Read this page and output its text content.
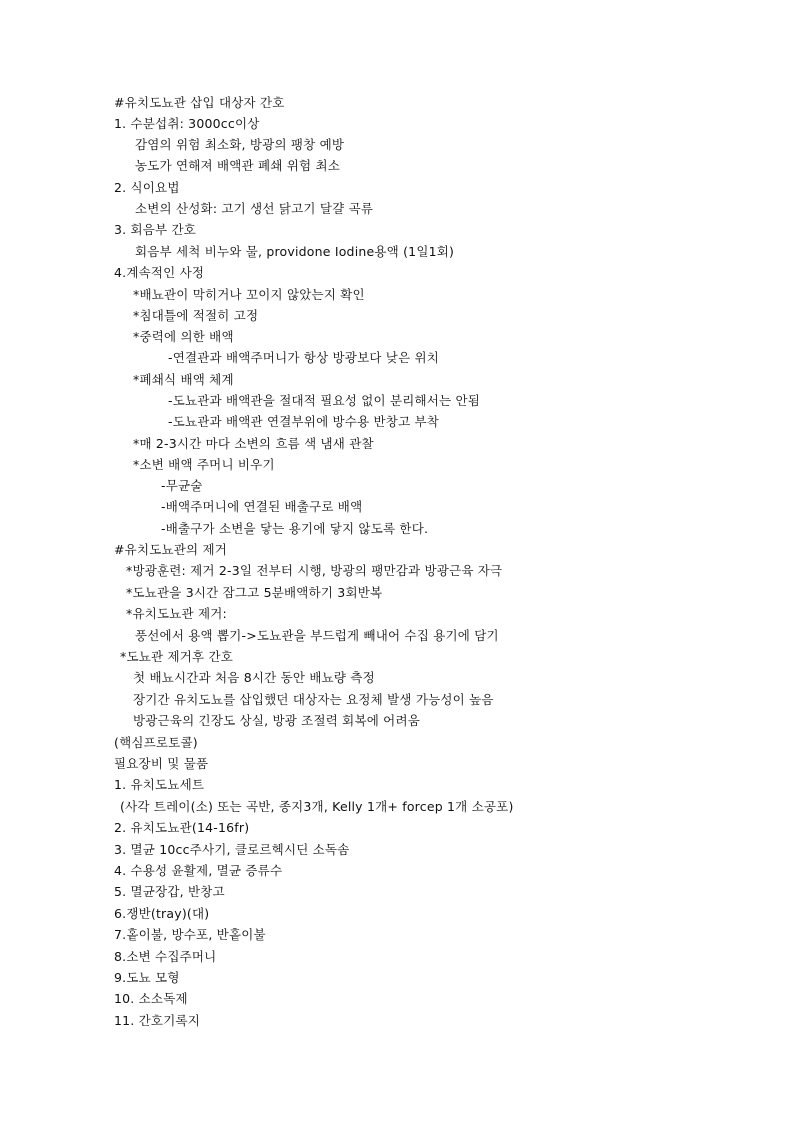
#유치도뇨관 삽입 대상자 간호
1. 수분섭취: 3000cc이상
감염의 위험 최소화, 방광의 팽창 예방
농도가 연해져 배액관 폐쇄 위험 최소
2. 식이요법
소변의 산성화: 고기 생선 닭고기 달걀 곡류
3. 회음부 간호
회음부 세척 비누와 물, providone Iodine용액 (1일1회)
4.계속적인 사정
*배뇨관이 막히거나 꼬이지 않았는지 확인
*침대틀에 적절히 고정
*중력에 의한 배액
-연결관과 배액주머니가 항상 방광보다 낮은 위치
*폐쇄식 배액 체계
-도뇨관과 배액관을 절대적 필요성 없이 분리해서는 안됨
-도뇨관과 배액관 연결부위에 방수용 반창고 부착
*매 2-3시간 마다 소변의 흐름 색 냄새 관찰
*소변 배액 주머니 비우기
-무균술
-배액주머니에 연결된 배출구로 배액
-배출구가 소변을 닿는 용기에 닿지 않도록 한다.
#유치도뇨관의 제거
*방광훈련: 제거 2-3일 전부터 시행, 방광의 팽만감과 방광근육 자극
*도뇨관을 3시간 잠그고 5분배액하기 3회반복
*유치도뇨관 제거:
풍선에서 용액 뽑기->도뇨관을 부드럽게 빼내어 수집 용기에 담기
*도뇨관 제거후 간호
첫 배뇨시간과 처음 8시간 동안 배뇨량 측정
장기간 유치도뇨를 삽입했던 대상자는 요정체 발생 가능성이 높음
방광근육의 긴장도 상실, 방광 조절력 회복에 어려움
(핵심프로토콜)
필요장비 및 물품
1. 유치도뇨세트
(사각 트레이(소) 또는 곡반, 종지3개, Kelly 1개+ forcep 1개 소공포)
2. 유치도뇨관(14-16fr)
3. 멸균 10cc주사기, 클로르헥시딘 소독솜
4. 수용성 윤활제, 멸균 증류수
5. 멸균장갑, 반창고
6.쟁반(tray)(대)
7.홑이불, 방수포, 반홑이불
8.소변 수집주머니
9.도뇨 모형
10. 소소독제
11. 간호기록지
